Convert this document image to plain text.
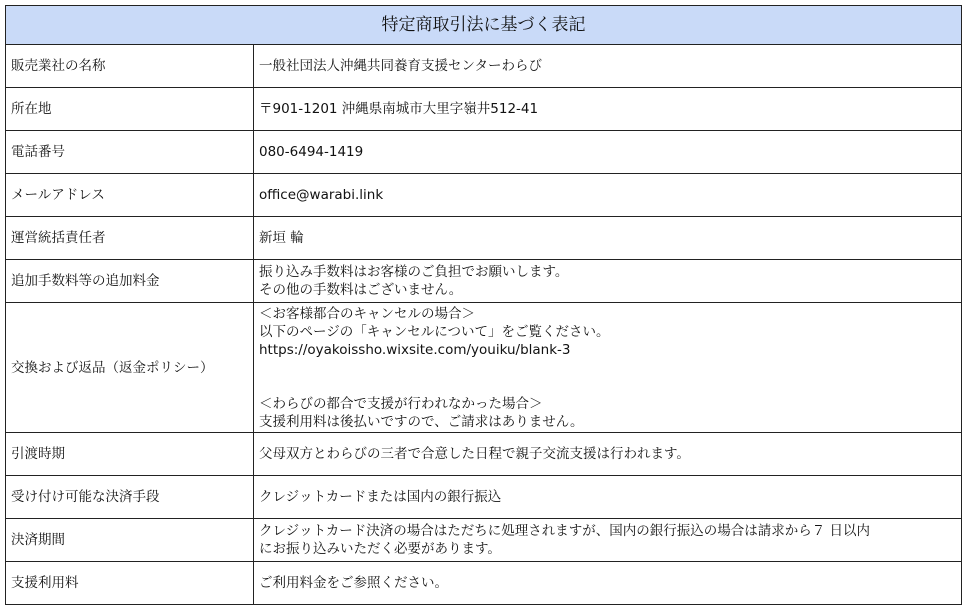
特定商取引法に基づく表記	
販売業社の名称	一般社団法人沖縄共同養育支援センターわらび

所在地	〒901-1201 沖縄県南城市大里字嶺井512-41

電話番号	080-6494-1419

メールアドレス	office@warabi.link

運営統括責任者	新垣 輪

追加手数料等の追加料金	振り込み手数料はお客様のご負担でお願いします。
その他の手数料はございません。

交換および返品（返金ポリシー）	＜お客様都合のキャンセルの場合＞
以下のページの「キャンセルについて」をご覧ください。
https://oyakoissho.wixsite.com/youiku/blank-3
＜わらびの都合で支援が行われなかった場合＞
支援利用料は後払いですので、ご請求はありません。

引渡時期	父母双方とわらびの三者で合意した日程で親子交流支援は行われます。

受け付け可能な決済手段	クレジットカードまたは国内の銀行振込

決済期間	クレジットカード決済の場合はただちに処理されますが、国内の銀行振込の場合は請求から７ 日以内
にお振り込みいただく必要があります。

支援利用料	ご利用料金をご参照ください。
